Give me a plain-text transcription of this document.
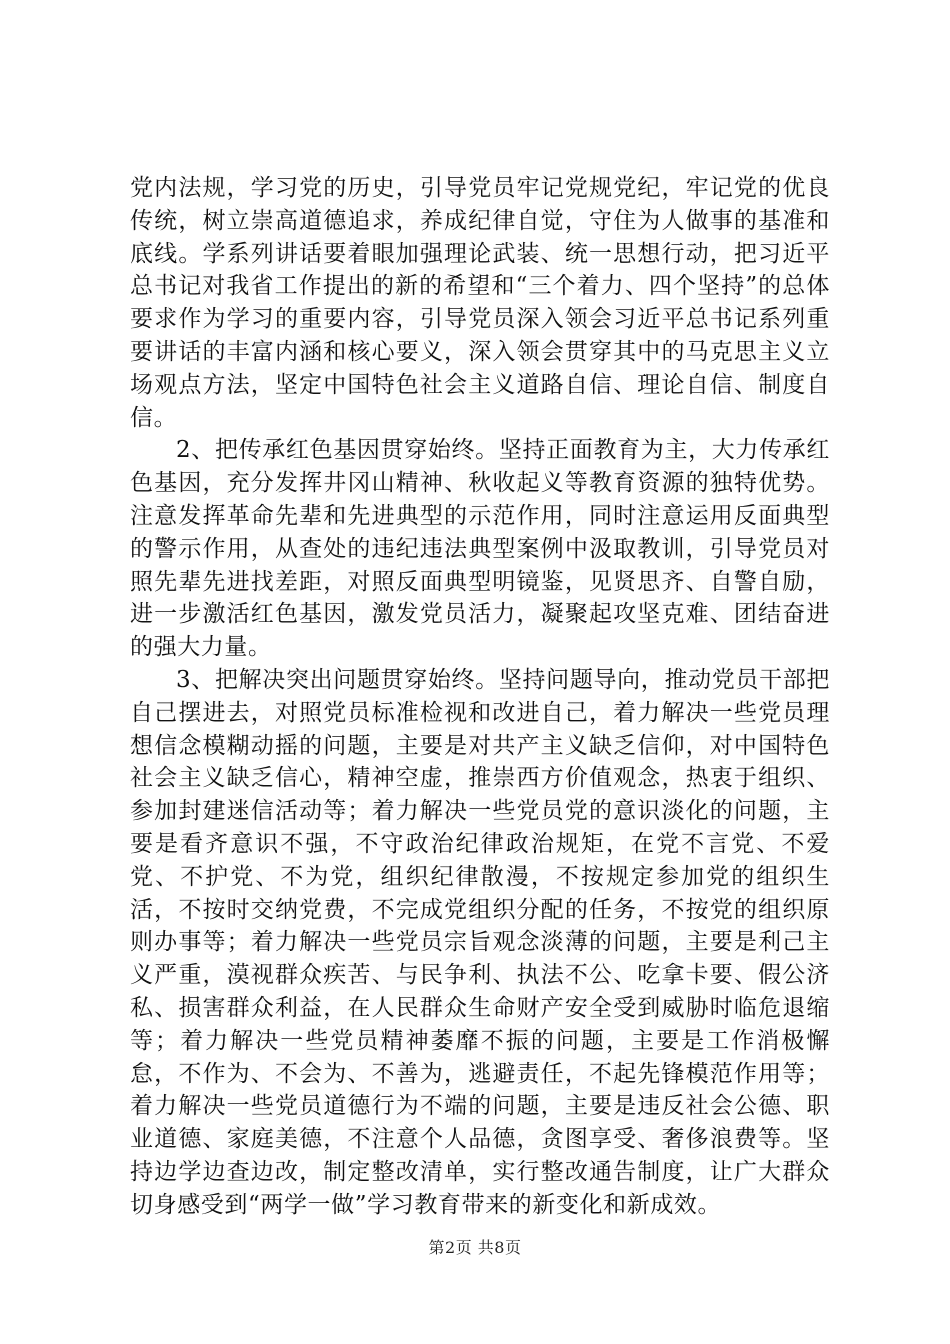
党内法规，学习党的历史，引导党员牢记党规党纪，牢记党的优良传统，树立崇高道德追求，养成纪律自觉，守住为人做事的基准和底线。学系列讲话要着眼加强理论武装、统一思想行动，把习近平总书记对我省工作提出的新的希望和“三个着力、四个坚持”的总体要求作为学习的重要内容，引导党员深入领会习近平总书记系列重要讲话的丰富内涵和核心要义，深入领会贯穿其中的马克思主义立场观点方法，坚定中国特色社会主义道路自信、理论自信、制度自信。

2、把传承红色基因贯穿始终。坚持正面教育为主，大力传承红色基因，充分发挥井冈山精神、秋收起义等教育资源的独特优势。注意发挥革命先辈和先进典型的示范作用，同时注意运用反面典型的警示作用，从查处的违纪违法典型案例中汲取教训，引导党员对照先辈先进找差距，对照反面典型明镜鉴，见贤思齐、自警自励，进一步激活红色基因，激发党员活力，凝聚起攻坚克难、团结奋进的强大力量。

3、把解决突出问题贯穿始终。坚持问题导向，推动党员干部把自己摆进去，对照党员标准检视和改进自己，着力解决一些党员理想信念模糊动摇的问题，主要是对共产主义缺乏信仰，对中国特色社会主义缺乏信心，精神空虚，推崇西方价值观念，热衷于组织、参加封建迷信活动等；着力解决一些党员党的意识淡化的问题，主要是看齐意识不强，不守政治纪律政治规矩，在党不言党、不爱党、不护党、不为党，组织纪律散漫，不按规定参加党的组织生活，不按时交纳党费，不完成党组织分配的任务，不按党的组织原则办事等；着力解决一些党员宗旨观念淡薄的问题，主要是利己主义严重，漠视群众疾苦、与民争利、执法不公、吃拿卡要、假公济私、损害群众利益，在人民群众生命财产安全受到威胁时临危退缩等；着力解决一些党员精神萎靡不振的问题，主要是工作消极懈怠，不作为、不会为、不善为，逃避责任，不起先锋模范作用等；着力解决一些党员道德行为不端的问题，主要是违反社会公德、职业道德、家庭美德，不注意个人品德，贪图享受、奢侈浪费等。坚持边学边查边改，制定整改清单，实行整改通告制度，让广大群众切身感受到“两学一做”学习教育带来的新变化和新成效。

第2页 共8页
